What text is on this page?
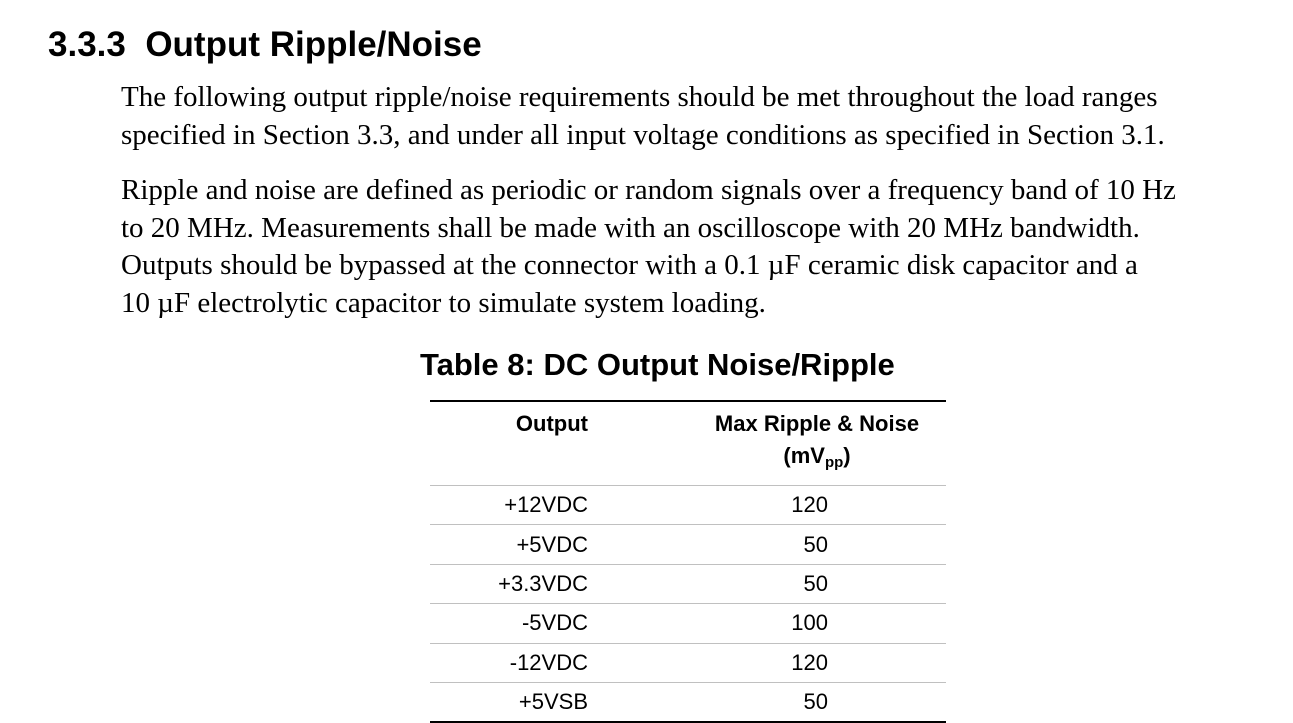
3.3.3 Output Ripple/Noise

The following output ripple/noise requirements should be met throughout the load ranges
specified in Section 3.3, and under all input voltage conditions as specified in Section 3.1.

Ripple and noise are defined as periodic or random signals over a frequency band of 10 Hz
to 20 MHz. Measurements shall be made with an oscilloscope with 20 MHz bandwidth.
Outputs should be bypassed at the connector with a 0.1 µF ceramic disk capacitor and a
10 µF electrolytic capacitor to simulate system loading.

Table 8: DC Output Noise/Ripple
Output	Max Ripple & Noise
$(mV_{pp})$
+12VDC	120
+5VDC	50
+3.3VDC	50
-5VDC	100
-12VDC	120
+5VSB	50
